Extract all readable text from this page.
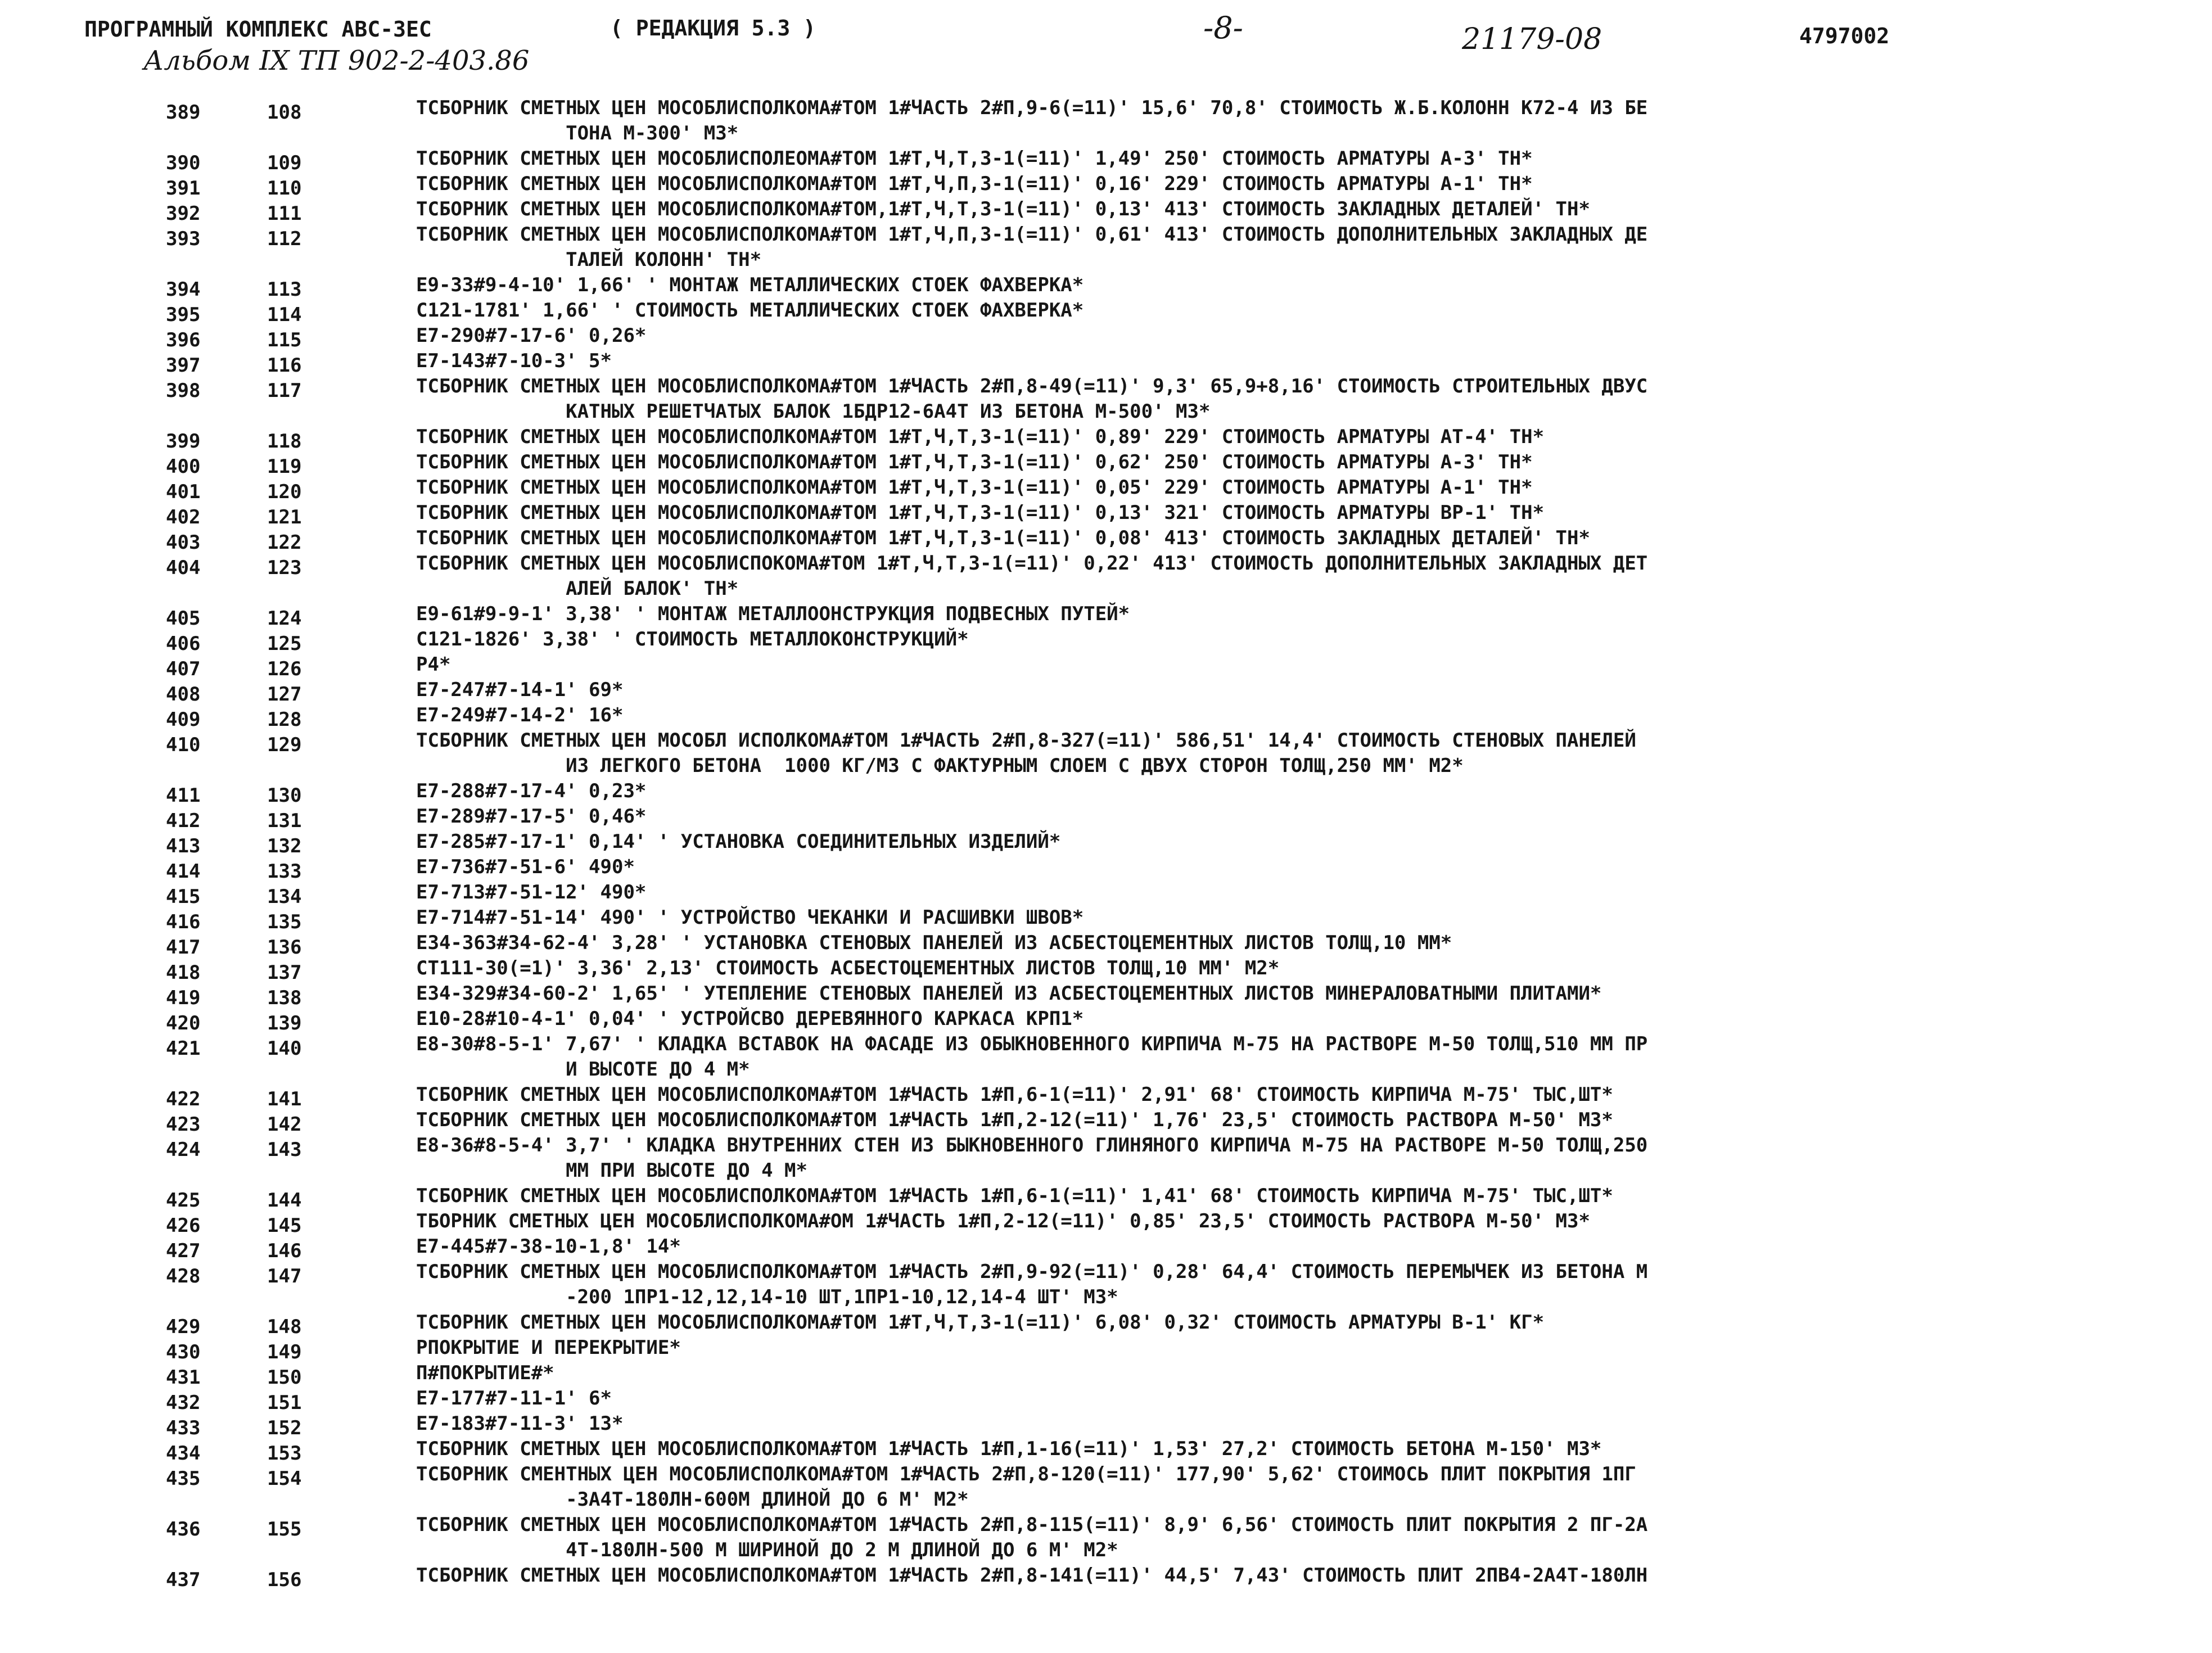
ПРОГРАМНЫЙ КОМПЛЕКС АВС-3ЕС	( РЕДАКЦИЯ 5.3 )	-8-	21179-08	4797002
Альбом IX ТП 902-2-403.86
389	108	ТСБОРНИК СМЕТНЫХ ЦЕН МОСОБЛИСПОЛКОМА#ТОМ 1#ЧАСТЬ 2#П,9-6(=11)' 15,6' 70,8' СТОИМОСТЬ Ж.Б.КОЛОНН К72-4 ИЗ БЕ
ТОНА М-300' М3*
390	109	ТСБОРНИК СМЕТНЫХ ЦЕН МОСОБЛИСПОЛЕОМА#ТОМ 1#Т,Ч,Т,3-1(=11)' 1,49' 250' СТОИМОСТЬ АРМАТУРЫ А-3' ТН*
391	110	ТСБОРНИК СМЕТНЫХ ЦЕН МОСОБЛИСПОЛКОМА#ТОМ 1#Т,Ч,П,3-1(=11)' 0,16' 229' СТОИМОСТЬ АРМАТУРЫ А-1' ТН*
392	111	ТСБОРНИК СМЕТНЫХ ЦЕН МОСОБЛИСПОЛКОМА#ТОМ,1#Т,Ч,Т,3-1(=11)' 0,13' 413' СТОИМОСТЬ ЗАКЛАДНЫХ ДЕТАЛЕЙ' ТН*
393	112	ТСБОРНИК СМЕТНЫХ ЦЕН МОСОБЛИСПОЛКОМА#ТОМ 1#Т,Ч,П,3-1(=11)' 0,61' 413' СТОИМОСТЬ ДОПОЛНИТЕЛЬНЫХ ЗАКЛАДНЫХ ДЕ
ТАЛЕЙ КОЛОНН' ТН*
394	113	Е9-33#9-4-10' 1,66' ' МОНТАЖ МЕТАЛЛИЧЕСКИХ СТОЕК ФАХВЕРКА*
395	114	С121-1781' 1,66' ' СТОИМОСТЬ МЕТАЛЛИЧЕСКИХ СТОЕК ФАХВЕРКА*
396	115	Е7-290#7-17-6' 0,26*
397	116	Е7-143#7-10-3' 5*
398	117	ТСБОРНИК СМЕТНЫХ ЦЕН МОСОБЛИСПОЛКОМА#ТОМ 1#ЧАСТЬ 2#П,8-49(=11)' 9,3' 65,9+8,16' СТОИМОСТЬ СТРОИТЕЛЬНЫХ ДВУС
КАТНЫХ РЕШЕТЧАТЫХ БАЛОК 1БДР12-6А4Т ИЗ БЕТОНА М-500' М3*
399	118	ТСБОРНИК СМЕТНЫХ ЦЕН МОСОБЛИСПОЛКОМА#ТОМ 1#Т,Ч,Т,3-1(=11)' 0,89' 229' СТОИМОСТЬ АРМАТУРЫ АТ-4' ТН*
400	119	ТСБОРНИК СМЕТНЫХ ЦЕН МОСОБЛИСПОЛКОМА#ТОМ 1#Т,Ч,Т,3-1(=11)' 0,62' 250' СТОИМОСТЬ АРМАТУРЫ А-3' ТН*
401	120	ТСБОРНИК СМЕТНЫХ ЦЕН МОСОБЛИСПОЛКОМА#ТОМ 1#Т,Ч,Т,3-1(=11)' 0,05' 229' СТОИМОСТЬ АРМАТУРЫ А-1' ТН*
402	121	ТСБОРНИК СМЕТНЫХ ЦЕН МОСОБЛИСПОЛКОМА#ТОМ 1#Т,Ч,Т,3-1(=11)' 0,13' 321' СТОИМОСТЬ АРМАТУРЫ ВР-1' ТН*
403	122	ТСБОРНИК СМЕТНЫХ ЦЕН МОСОБЛИСПОЛКОМА#ТОМ 1#Т,Ч,Т,3-1(=11)' 0,08' 413' СТОИМОСТЬ ЗАКЛАДНЫХ ДЕТАЛЕЙ' ТН*
404	123	ТСБОРНИК СМЕТНЫХ ЦЕН МОСОБЛИСПОКОМА#ТОМ 1#Т,Ч,Т,3-1(=11)' 0,22' 413' СТОИМОСТЬ ДОПОЛНИТЕЛЬНЫХ ЗАКЛАДНЫХ ДЕТ
АЛЕЙ БАЛОК' ТН*
405	124	Е9-61#9-9-1' 3,38' ' МОНТАЖ МЕТАЛЛООНСТРУКЦИЯ ПОДВЕСНЫХ ПУТЕЙ*
406	125	С121-1826' 3,38' ' СТОИМОСТЬ МЕТАЛЛОКОНСТРУКЦИЙ*
407	126	Р4*
408	127	Е7-247#7-14-1' 69*
409	128	Е7-249#7-14-2' 16*
410	129	ТСБОРНИК СМЕТНЫХ ЦЕН МОСОБЛ ИСПОЛКОМА#ТОМ 1#ЧАСТЬ 2#П,8-327(=11)' 586,51' 14,4' СТОИМОСТЬ СТЕНОВЫХ ПАНЕЛЕЙ
ИЗ ЛЕГКОГО БЕТОНА  1000 КГ/М3 С ФАКТУРНЫМ СЛОЕМ С ДВУХ СТОРОН ТОЛЩ,250 ММ' М2*
411	130	Е7-288#7-17-4' 0,23*
412	131	Е7-289#7-17-5' 0,46*
413	132	Е7-285#7-17-1' 0,14' ' УСТАНОВКА СОЕДИНИТЕЛЬНЫХ ИЗДЕЛИЙ*
414	133	Е7-736#7-51-6' 490*
415	134	Е7-713#7-51-12' 490*
416	135	Е7-714#7-51-14' 490' ' УСТРОЙСТВО ЧЕКАНКИ И РАСШИВКИ ШВОВ*
417	136	Е34-363#34-62-4' 3,28' ' УСТАНОВКА СТЕНОВЫХ ПАНЕЛЕЙ ИЗ АСБЕСТОЦЕМЕНТНЫХ ЛИСТОВ ТОЛЩ,10 ММ*
418	137	СТ111-30(=1)' 3,36' 2,13' СТОИМОСТЬ АСБЕСТОЦЕМЕНТНЫХ ЛИСТОВ ТОЛЩ,10 ММ' М2*
419	138	Е34-329#34-60-2' 1,65' ' УТЕПЛЕНИЕ СТЕНОВЫХ ПАНЕЛЕЙ ИЗ АСБЕСТОЦЕМЕНТНЫХ ЛИСТОВ МИНЕРАЛОВАТНЫМИ ПЛИТАМИ*
420	139	Е10-28#10-4-1' 0,04' ' УСТРОЙСВО ДЕРЕВЯННОГО КАРКАСА КРП1*
421	140	Е8-30#8-5-1' 7,67' ' КЛАДКА ВСТАВОК НА ФАСАДЕ ИЗ ОБЫКНОВЕННОГО КИРПИЧА М-75 НА РАСТВОРЕ М-50 ТОЛЩ,510 ММ ПР
И ВЫСОТЕ ДО 4 М*
422	141	ТСБОРНИК СМЕТНЫХ ЦЕН МОСОБЛИСПОЛКОМА#ТОМ 1#ЧАСТЬ 1#П,6-1(=11)' 2,91' 68' СТОИМОСТЬ КИРПИЧА М-75' ТЫС,ШТ*
423	142	ТСБОРНИК СМЕТНЫХ ЦЕН МОСОБЛИСПОЛКОМА#ТОМ 1#ЧАСТЬ 1#П,2-12(=11)' 1,76' 23,5' СТОИМОСТЬ РАСТВОРА М-50' М3*
424	143	Е8-36#8-5-4' 3,7' ' КЛАДКА ВНУТРЕННИХ СТЕН ИЗ БЫКНОВЕННОГО ГЛИНЯНОГО КИРПИЧА М-75 НА РАСТВОРЕ М-50 ТОЛЩ,250
ММ ПРИ ВЫСОТЕ ДО 4 М*
425	144	ТСБОРНИК СМЕТНЫХ ЦЕН МОСОБЛИСПОЛКОМА#ТОМ 1#ЧАСТЬ 1#П,6-1(=11)' 1,41' 68' СТОИМОСТЬ КИРПИЧА М-75' ТЫС,ШТ*
426	145	ТБОРНИК СМЕТНЫХ ЦЕН МОСОБЛИСПОЛКОМА#ОМ 1#ЧАСТЬ 1#П,2-12(=11)' 0,85' 23,5' СТОИМОСТЬ РАСТВОРА М-50' М3*
427	146	Е7-445#7-38-10-1,8' 14*
428	147	ТСБОРНИК СМЕТНЫХ ЦЕН МОСОБЛИСПОЛКОМА#ТОМ 1#ЧАСТЬ 2#П,9-92(=11)' 0,28' 64,4' СТОИМОСТЬ ПЕРЕМЫЧЕК ИЗ БЕТОНА М
-200 1ПР1-12,12,14-10 ШТ,1ПР1-10,12,14-4 ШТ' М3*
429	148	ТСБОРНИК СМЕТНЫХ ЦЕН МОСОБЛИСПОЛКОМА#ТОМ 1#Т,Ч,Т,3-1(=11)' 6,08' 0,32' СТОИМОСТЬ АРМАТУРЫ В-1' КГ*
430	149	РПОКРЫТИЕ И ПЕРЕКРЫТИЕ*
431	150	П#ПОКРЫТИЕ#*
432	151	Е7-177#7-11-1' 6*
433	152	Е7-183#7-11-3' 13*
434	153	ТСБОРНИК СМЕТНЫХ ЦЕН МОСОБЛИСПОЛКОМА#ТОМ 1#ЧАСТЬ 1#П,1-16(=11)' 1,53' 27,2' СТОИМОСТЬ БЕТОНА М-150' М3*
435	154	ТСБОРНИК СМЕНТНЫХ ЦЕН МОСОБЛИСПОЛКОМА#ТОМ 1#ЧАСТЬ 2#П,8-120(=11)' 177,90' 5,62' СТОИМОСЬ ПЛИТ ПОКРЫТИЯ 1ПГ
-3А4Т-180ЛН-600М ДЛИНОЙ ДО 6 М' М2*
436	155	ТСБОРНИК СМЕТНЫХ ЦЕН МОСОБЛИСПОЛКОМА#ТОМ 1#ЧАСТЬ 2#П,8-115(=11)' 8,9' 6,56' СТОИМОСТЬ ПЛИТ ПОКРЫТИЯ 2 ПГ-2А
4Т-180ЛН-500 М ШИРИНОЙ ДО 2 М ДЛИНОЙ ДО 6 М' М2*
437	156	ТСБОРНИК СМЕТНЫХ ЦЕН МОСОБЛИСПОЛКОМА#ТОМ 1#ЧАСТЬ 2#П,8-141(=11)' 44,5' 7,43' СТОИМОСТЬ ПЛИТ 2ПВ4-2А4Т-180ЛН
